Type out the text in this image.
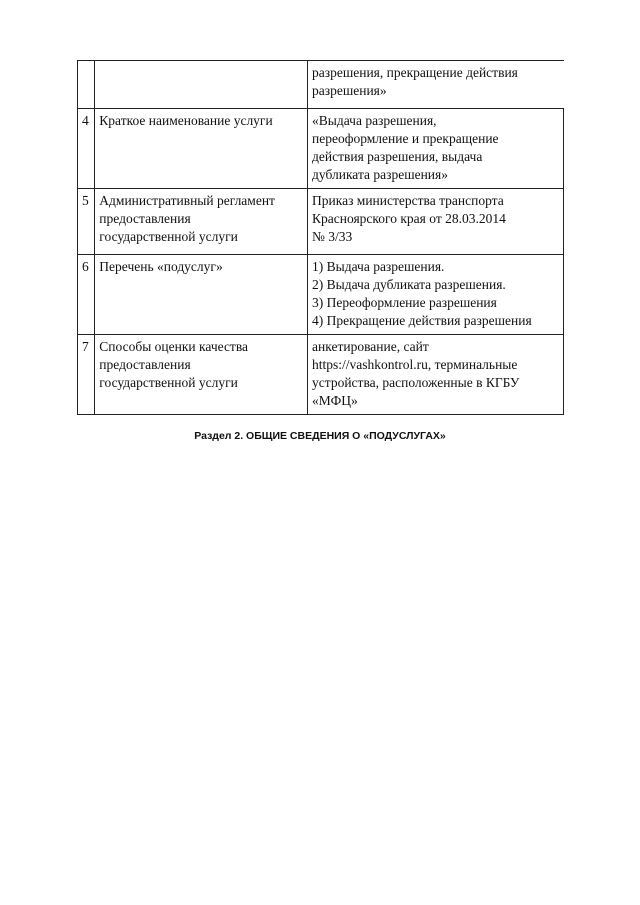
		разрешения, прекращение действия
разрешения»

4	Краткое наименование услуги	«Выдача разрешения,
переоформление и прекращение
действия разрешения, выдача
дубликата разрешения»

5	Административный регламент
предоставления
государственной услуги	Приказ министерства транспорта
Красноярского края от 28.03.2014
№ 3/33

6	Перечень «подуслуг»	1) Выдача разрешения.
2) Выдача дубликата разрешения.
3) Переоформление разрешения
4) Прекращение действия разрешения

7	Способы оценки качества
предоставления
государственной услуги	анкетирование, сайт
https://vashkontrol.ru, терминальные
устройства, расположенные в КГБУ
«МФЦ»
Раздел 2. ОБЩИЕ СВЕДЕНИЯ О «ПОДУСЛУГАХ»
